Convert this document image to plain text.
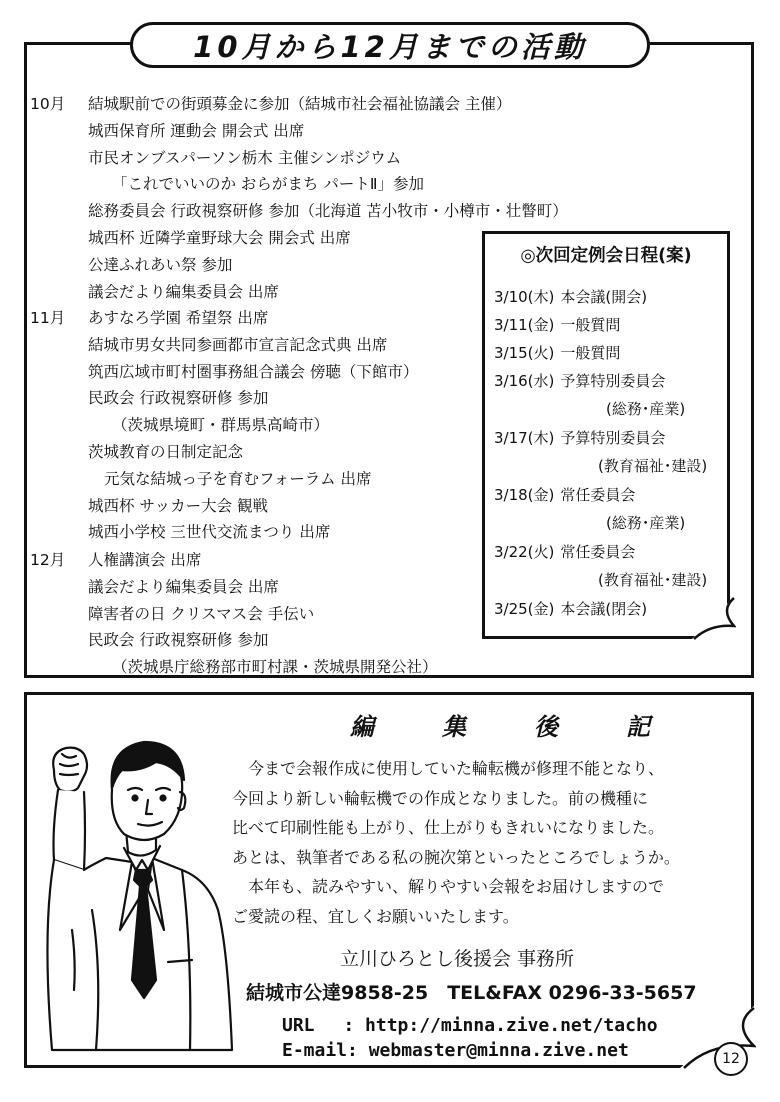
10月から12月までの活動
10月 結城駅前での街頭募金に参加（結城市社会福祉協議会 主催）
城西保育所 運動会 開会式 出席
市民オンブスパーソン栃木 主催シンポジウム
「これでいいのか おらがまち パートⅡ」参加
総務委員会 行政視察研修 参加（北海道 苫小牧市・小樽市・壮瞥町）
城西杯 近隣学童野球大会 開会式 出席
公達ふれあい祭 参加
議会だより編集委員会 出席
11月 あすなろ学園 希望祭 出席
結城市男女共同参画都市宣言記念式典 出席
筑西広域市町村圏事務組合議会 傍聴（下館市）
民政会 行政視察研修 参加
（茨城県境町・群馬県高崎市）
茨城教育の日制定記念
元気な結城っ子を育むフォーラム 出席
城西杯 サッカー大会 観戦
城西小学校 三世代交流まつり 出席
12月 人権講演会 出席
議会だより編集委員会 出席
障害者の日 クリスマス会 手伝い
民政会 行政視察研修 参加
（茨城県庁総務部市町村課・茨城県開発公社）
◎次回定例会日程(案)
3/10(木) 本会議(開会)
3/11(金) 一般質問
3/15(火) 一般質問
3/16(水) 予算特別委員会
(総務･産業)
3/17(木) 予算特別委員会
(教育福祉･建設)
3/18(金) 常任委員会
(総務･産業)
3/22(火) 常任委員会
(教育福祉･建設)
3/25(金) 本会議(閉会)
編	集	後	記
今まで会報作成に使用していた輪転機が修理不能となり、
今回より新しい輪転機での作成となりました。前の機種に
比べて印刷性能も上がり、仕上がりもきれいになりました。
あとは、執筆者である私の腕次第といったところでしょうか。
本年も、読みやすい、解りやすい会報をお届けしますので
ご愛読の程、宜しくお願いいたします。
立川ひろとし後援会 事務所
結城市公達9858-25　TEL&FAX 0296-33-5657
URL　 : http://minna.zive.net/tacho
E-mail: webmaster@minna.zive.net	12
